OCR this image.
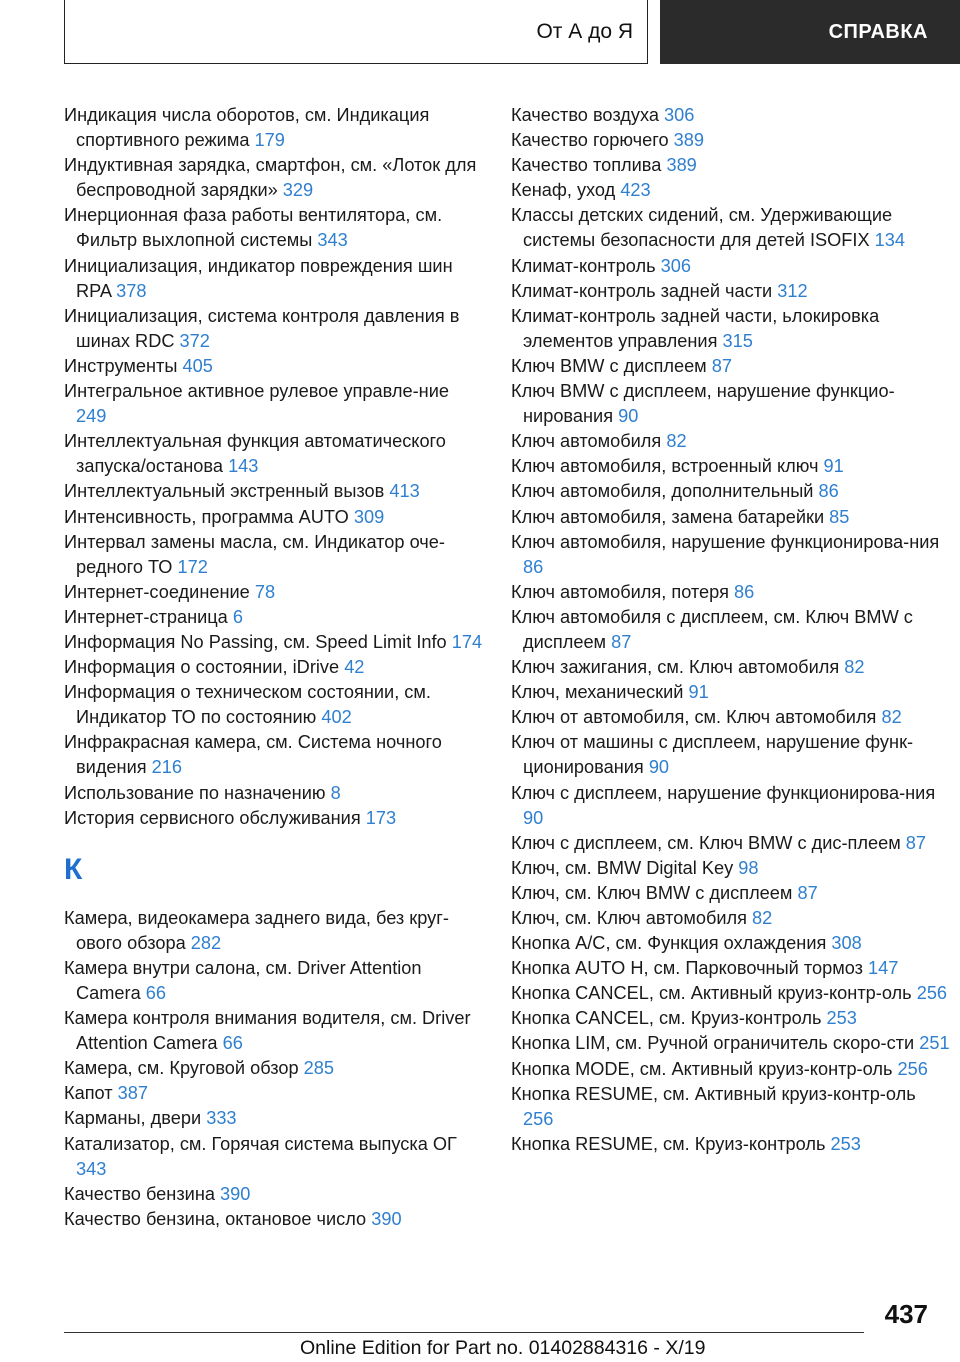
От А до Я	СПРАВКА
Индикация числа оборотов, см. Индикация спортивного режима 179
Индуктивная зарядка, смартфон, см. «Лоток для беспроводной зарядки» 329
Инерционная фаза работы вентилятора, см. Фильтр выхлопной системы 343
Инициализация, индикатор повреждения шин RPA 378
Инициализация, система контроля давления в шинах RDC 372
Инструменты 405
Интегральное активное рулевое управле-ние 249
Интеллектуальная функция автоматического запуска/останова 143
Интеллектуальный экстренный вызов 413
Интенсивность, программа AUTO 309
Интервал замены масла, см. Индикатор оче-редного ТО 172
Интернет-соединение 78
Интернет-страница 6
Информация No Passing, см. Speed Limit Info 174
Информация о состоянии, iDrive 42
Информация о техническом состоянии, см. Индикатор ТО по состоянию 402
Инфракрасная камера, см. Система ночного видения 216
Использование по назначению 8
История сервисного обслуживания 173
К
Камера, видеокамера заднего вида, без круг-ового обзора 282
Камера внутри салона, см. Driver Attention Camera 66
Камера контроля внимания водителя, см. Driver Attention Camera 66
Камера, см. Круговой обзор 285
Капот 387
Карманы, двери 333
Катализатор, см. Горячая система выпуска ОГ 343
Качество бензина 390
Качество бензина, октановое число 390
Качество воздуха 306
Качество горючего 389
Качество топлива 389
Кенаф, уход 423
Классы детских сидений, см. Удерживающие системы безопасности для детей ISOFIX 134
Климат-контроль 306
Климат-контроль задней части 312
Климат-контроль задней части, ьлокировка элементов управления 315
Ключ BMW с дисплеем 87
Ключ BMW с дисплеем, нарушение функцио-нирования 90
Ключ автомобиля 82
Ключ автомобиля, встроенный ключ 91
Ключ автомобиля, дополнительный 86
Ключ автомобиля, замена батарейки 85
Ключ автомобиля, нарушение функционирова-ния 86
Ключ автомобиля, потеря 86
Ключ автомобиля с дисплеем, см. Ключ BMW с дисплеем 87
Ключ зажигания, см. Ключ автомобиля 82
Ключ, механический 91
Ключ от автомобиля, см. Ключ автомобиля 82
Ключ от машины с дисплеем, нарушение функ-ционирования 90
Ключ с дисплеем, нарушение функционирова-ния 90
Ключ с дисплеем, см. Ключ BMW с дис-плеем 87
Ключ, см. BMW Digital Key 98
Ключ, см. Ключ BMW с дисплеем 87
Ключ, см. Ключ автомобиля 82
Кнопка A/C, см. Функция охлаждения 308
Кнопка AUTO H, см. Парковочный тормоз 147
Кнопка CANCEL, см. Активный круиз-контр-оль 256
Кнопка CANCEL, см. Круиз-контроль 253
Кнопка LIM, см. Ручной ограничитель скоро-сти 251
Кнопка MODE, см. Активный круиз-контр-оль 256
Кнопка RESUME, см. Активный круиз-контр-оль 256
Кнопка RESUME, см. Круиз-контроль 253
437
Online Edition for Part no. 01402884316 - X/19
